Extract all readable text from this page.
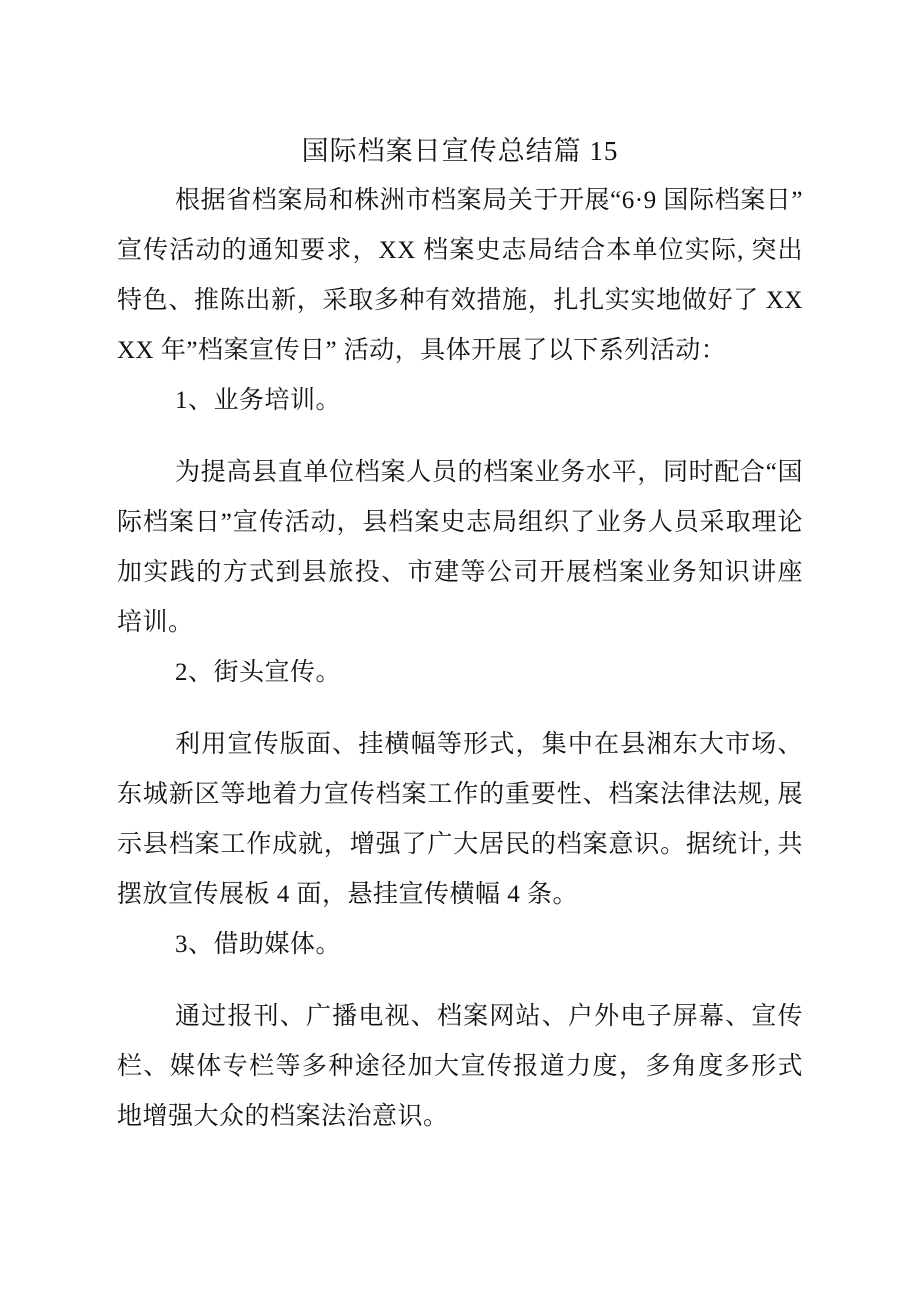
国际档案日宣传总结篇 15

根据省档案局和株洲市档案局关于开展“6·9 国际档案日” 宣传活动的通知要求，XX 档案史志局结合本单位实际, 突出特色、推陈出新，采取多种有效措施，扎扎实实地做好了 XXXX 年”档案宣传日” 活动，具体开展了以下系列活动：

1、业务培训。

为提高县直单位档案人员的档案业务水平，同时配合“国际档案日”宣传活动，县档案史志局组织了业务人员采取理论加实践的方式到县旅投、市建等公司开展档案业务知识讲座培训。

2、街头宣传。

利用宣传版面、挂横幅等形式，集中在县湘东大市场、东城新区等地着力宣传档案工作的重要性、档案法律法规, 展示县档案工作成就，增强了广大居民的档案意识。据统计, 共摆放宣传展板 4 面，悬挂宣传横幅 4 条。

3、借助媒体。

通过报刊、广播电视、档案网站、户外电子屏幕、宣传栏、媒体专栏等多种途径加大宣传报道力度，多角度多形式地增强大众的档案法治意识。
